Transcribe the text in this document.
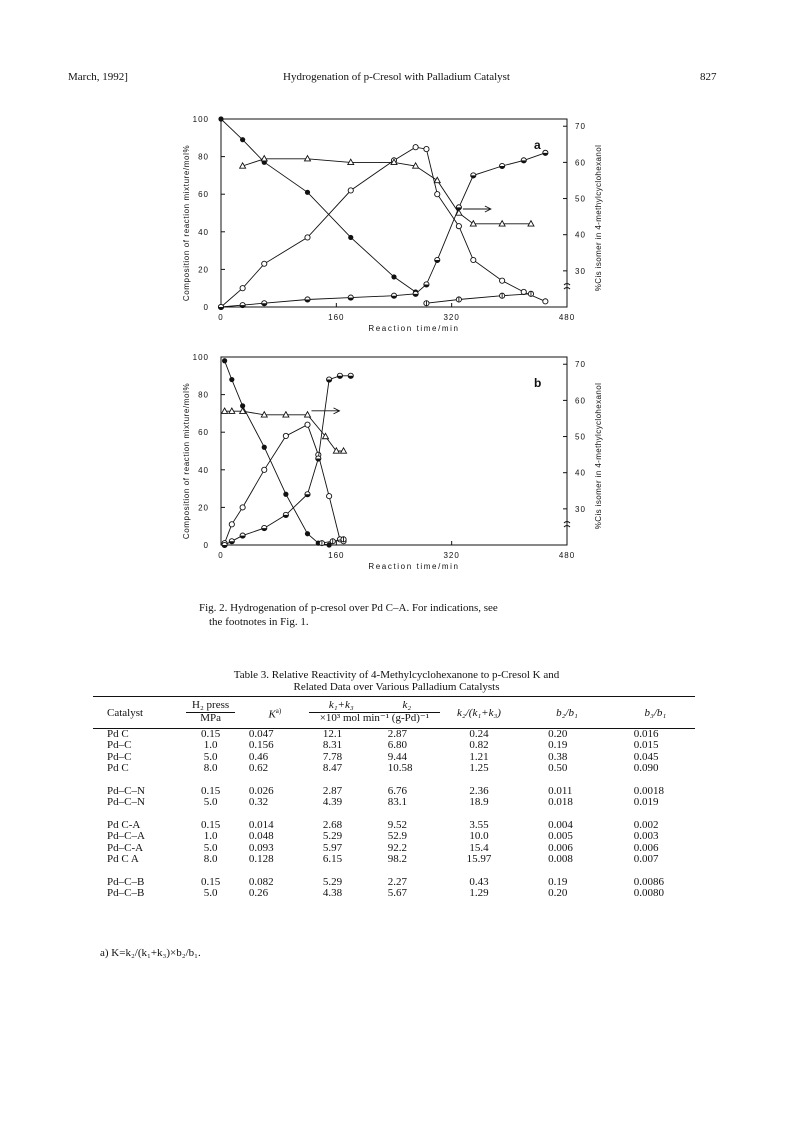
March, 1992]	Hydrogenation of p-Cresol with Palladium Catalyst	827
0	160	320	480
0
20
40
60
80
100
30
40
50
60
70
Reaction time/min
Composition of reaction mixture/mol%	%Cis isomer in 4-methylcyclohexanol
a
0	160	320	480
0
20
40
60
80
100
30
40
50
60
70
Reaction time/min
Composition of reaction mixture/mol%	%Cis isomer in 4-methylcyclohexanol
b
Fig. 2. Hydrogenation of p-cresol over Pd C–A. For indications, see
the footnotes in Fig. 1.
Table 3. Relative Reactivity of 4-Methylcyclohexanone to p-Cresol K and
Related Data over Various Palladium Catalysts
Catalyst	H₂ press	$K^{a)}$	k₁+k₃	k₂	k₂/(k₁+k₃)	b₂/b₁	b₃/b₁
	MPa		×10³ mol min⁻¹ (g-Pd)⁻¹				
Pd C	0.15	0.047	12.1	2.87	0.24	0.20	0.016
Pd–C	1.0	0.156	8.31	6.80	0.82	0.19	0.015
Pd–C	5.0	0.46	7.78	9.44	1.21	0.38	0.045
Pd C	8.0	0.62	8.47	10.58	1.25	0.50	0.090

Pd–C–N	0.15	0.026	2.87	6.76	2.36	0.011	0.0018
Pd–C–N	5.0	0.32	4.39	83.1	18.9	0.018	0.019

Pd C-A	0.15	0.014	2.68	9.52	3.55	0.004	0.002
Pd–C–A	1.0	0.048	5.29	52.9	10.0	0.005	0.003
Pd–C-A	5.0	0.093	5.97	92.2	15.4	0.006	0.006
Pd C A	8.0	0.128	6.15	98.2	15.97	0.008	0.007

Pd–C–B	0.15	0.082	5.29	2.27	0.43	0.19	0.0086
Pd–C–B	5.0	0.26	4.38	5.67	1.29	0.20	0.0080
a) K=k₂/(k₁+k₃)×b₂/b₁.
